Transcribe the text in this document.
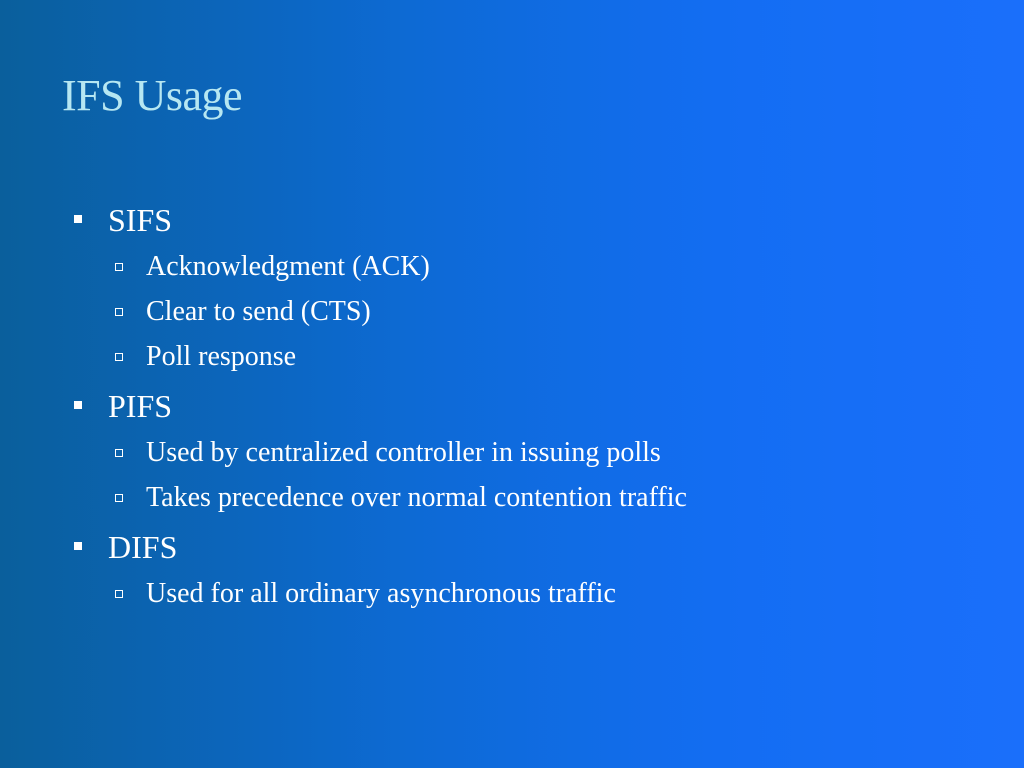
IFS Usage
SIFS
Acknowledgment (ACK)
Clear to send (CTS)
Poll response
PIFS
Used by centralized controller in issuing polls
Takes precedence over normal contention traffic
DIFS
Used for all ordinary asynchronous traffic
